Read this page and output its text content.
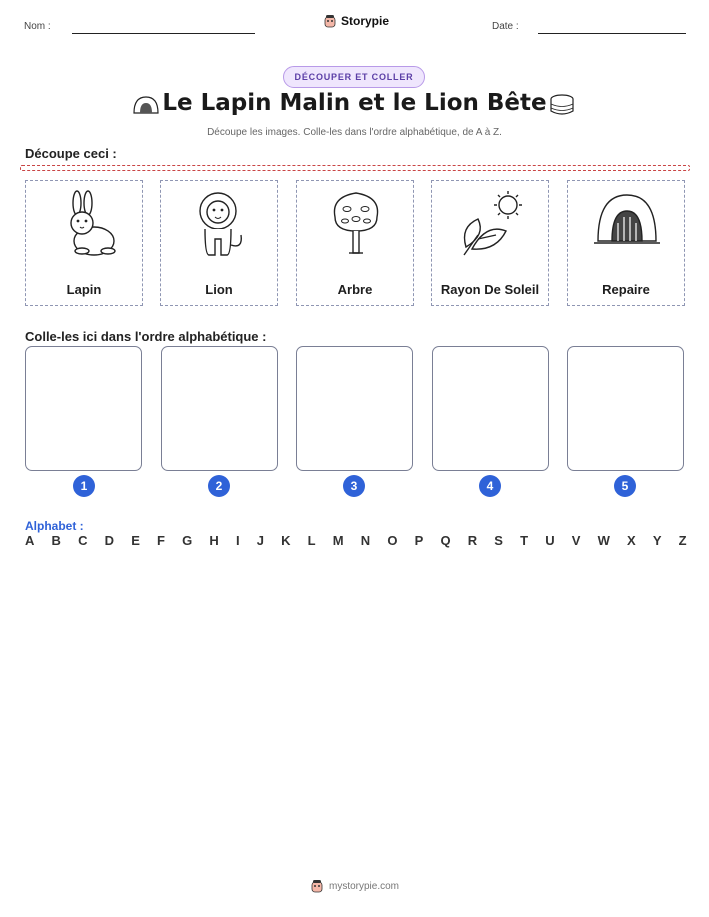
Nom :	Storypie	Date :
DÉCOUPER ET COLLER
Le Lapin Malin et le Lion Bête
Découpe les images. Colle-les dans l'ordre alphabétique, de A à Z.
Découpe ceci :
Lapin	Lion	Arbre	Rayon De Soleil	Repaire
Colle-les ici dans l'ordre alphabétique :
1	2	3	4	5
Alphabet :
A B C D E F G H I J K L M N O P Q R S T U V W X Y Z
mystorypie.com
